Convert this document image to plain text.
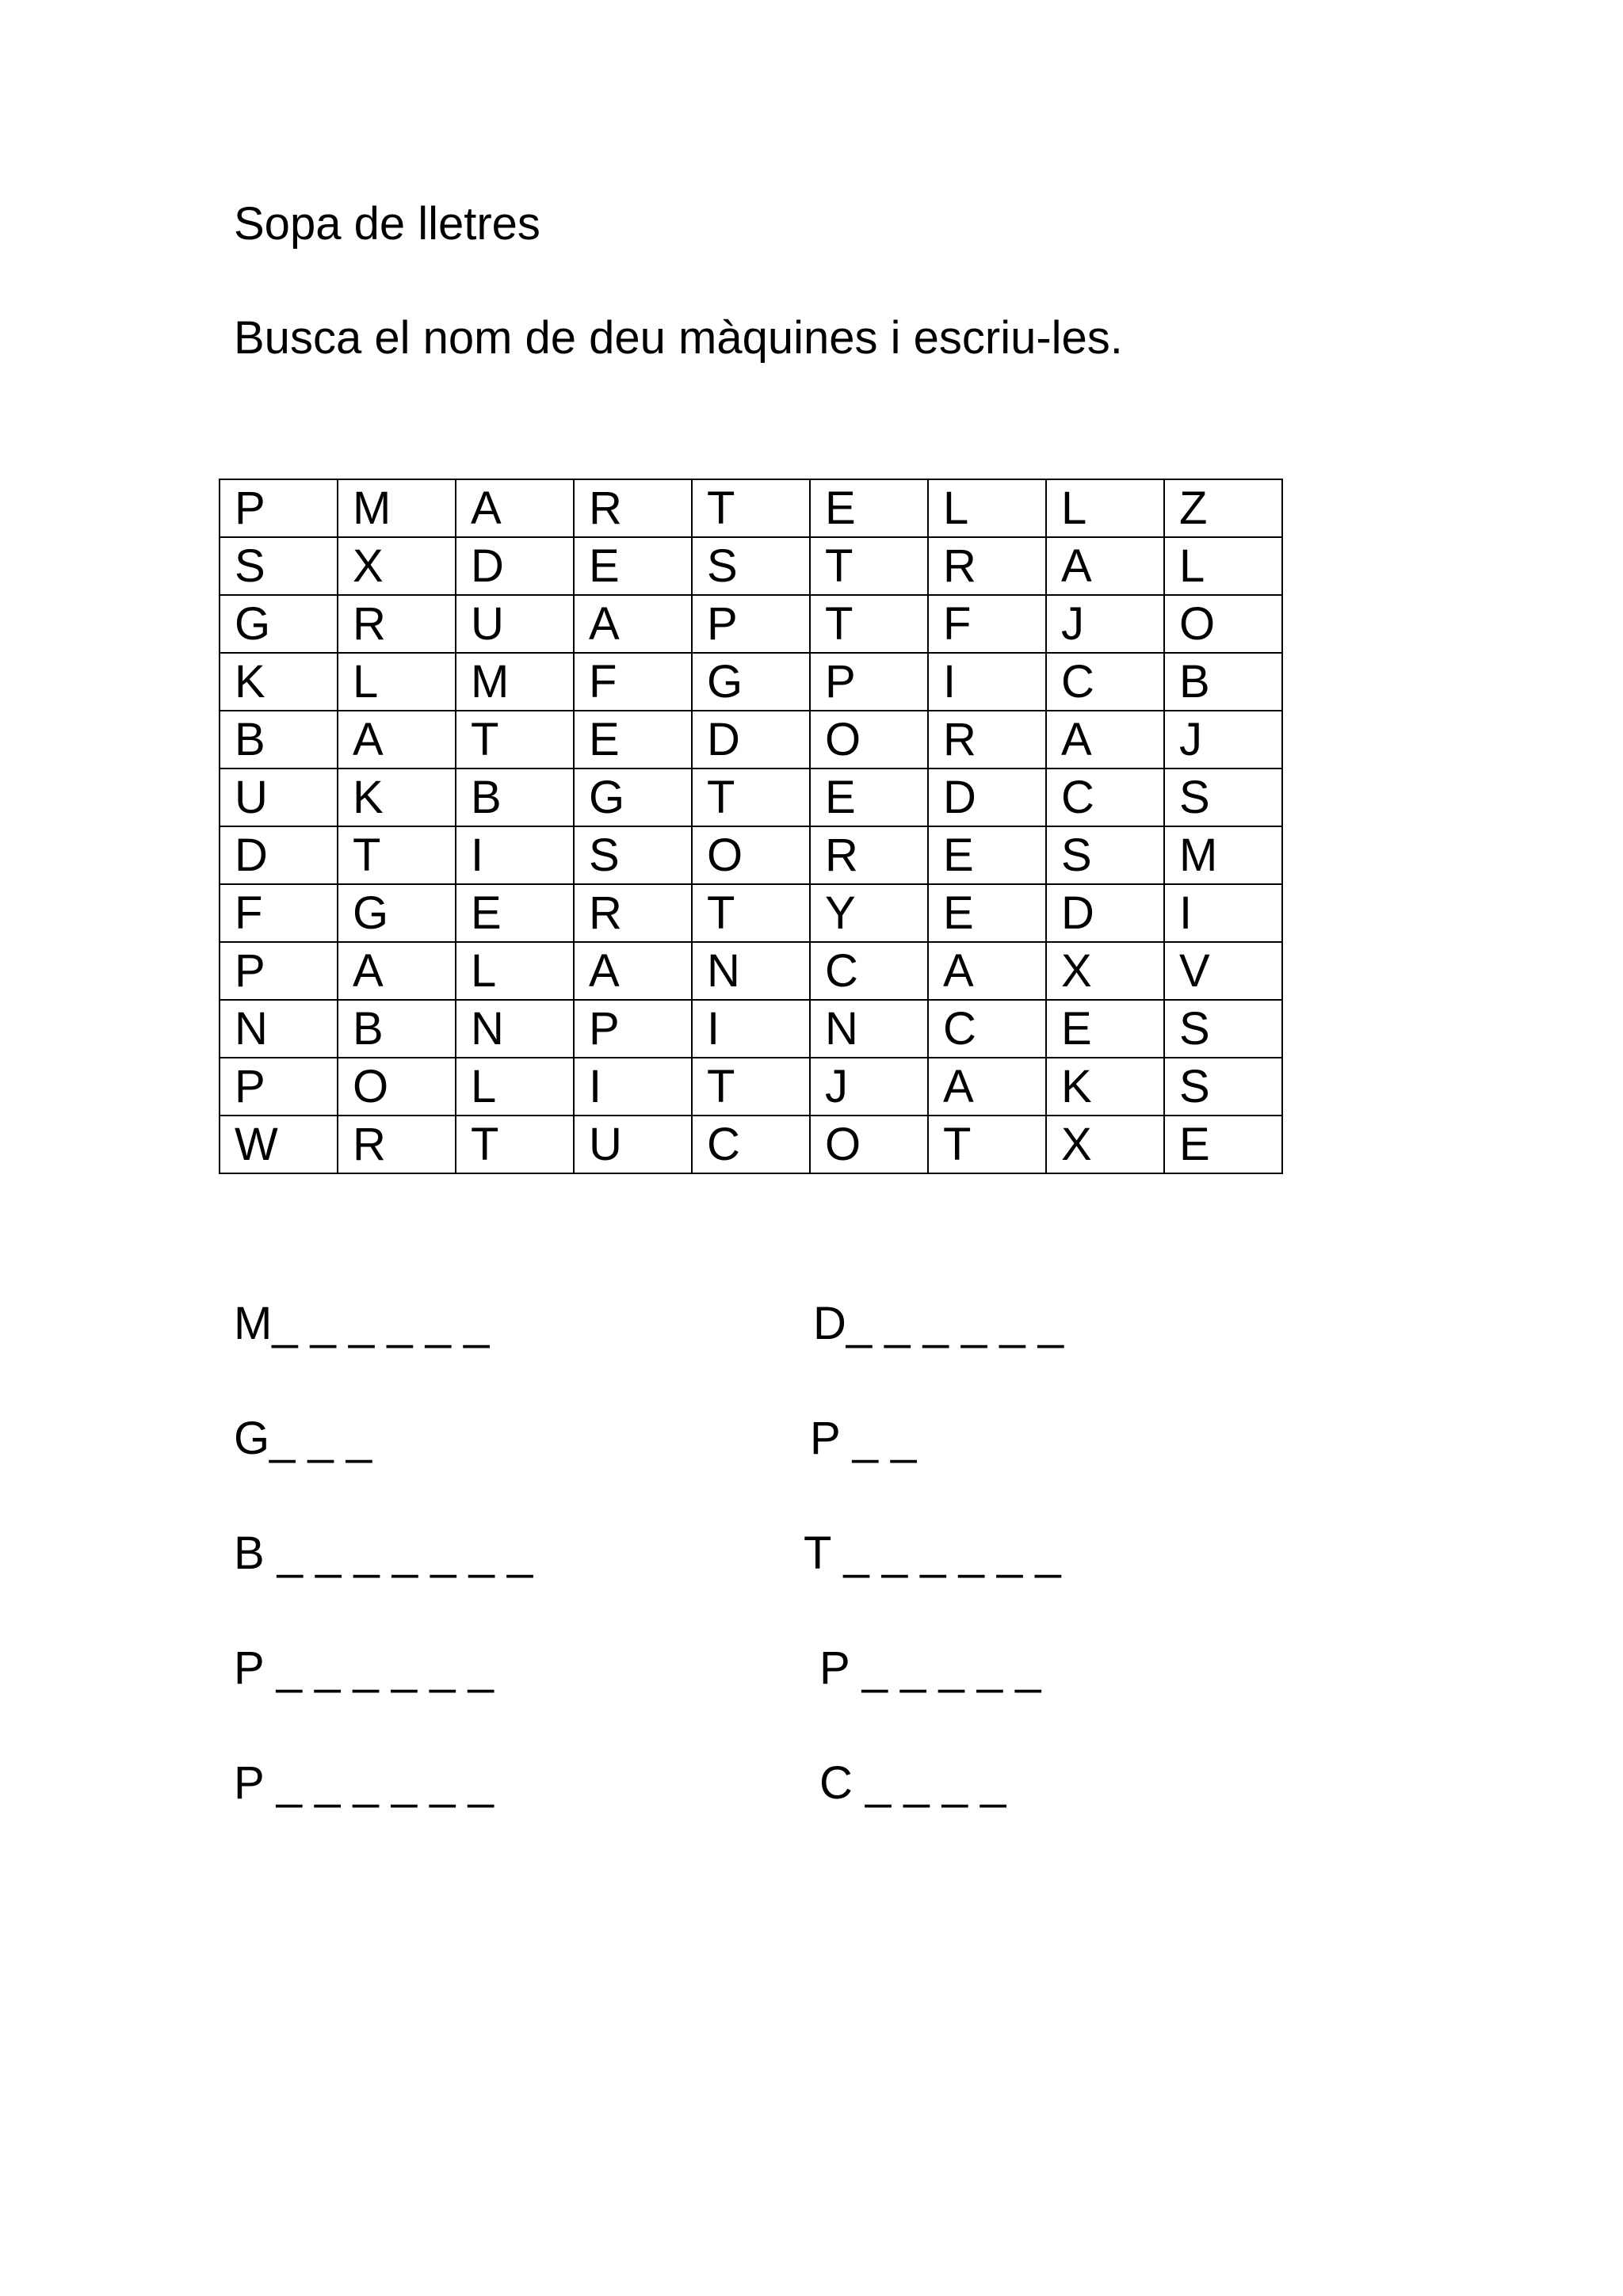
Sopa de lletres
Busca el nom de deu màquines i escriu-les.
P	M	A	R	T	E	L	L	Z
S	X	D	E	S	T	R	A	L
G	R	U	A	P	T	F	J	O
K	L	M	F	G	P	I	C	B
B	A	T	E	D	O	R	A	J
U	K	B	G	T	E	D	C	S
D	T	I	S	O	R	E	S	M
F	G	E	R	T	Y	E	D	I
P	A	L	A	N	C	A	X	V
N	B	N	P	I	N	C	E	S
P	O	L	I	T	J	A	K	S
W	R	T	U	C	O	T	X	E
M_ _ _ _ _ _
G_ _ _
B _ _ _ _ _ _ _
P _ _ _ _ _ _
P _ _ _ _ _ _
D_ _ _ _ _ _
P _ _
T _ _ _ _ _ _
P _ _ _ _ _
C _ _ _ _
